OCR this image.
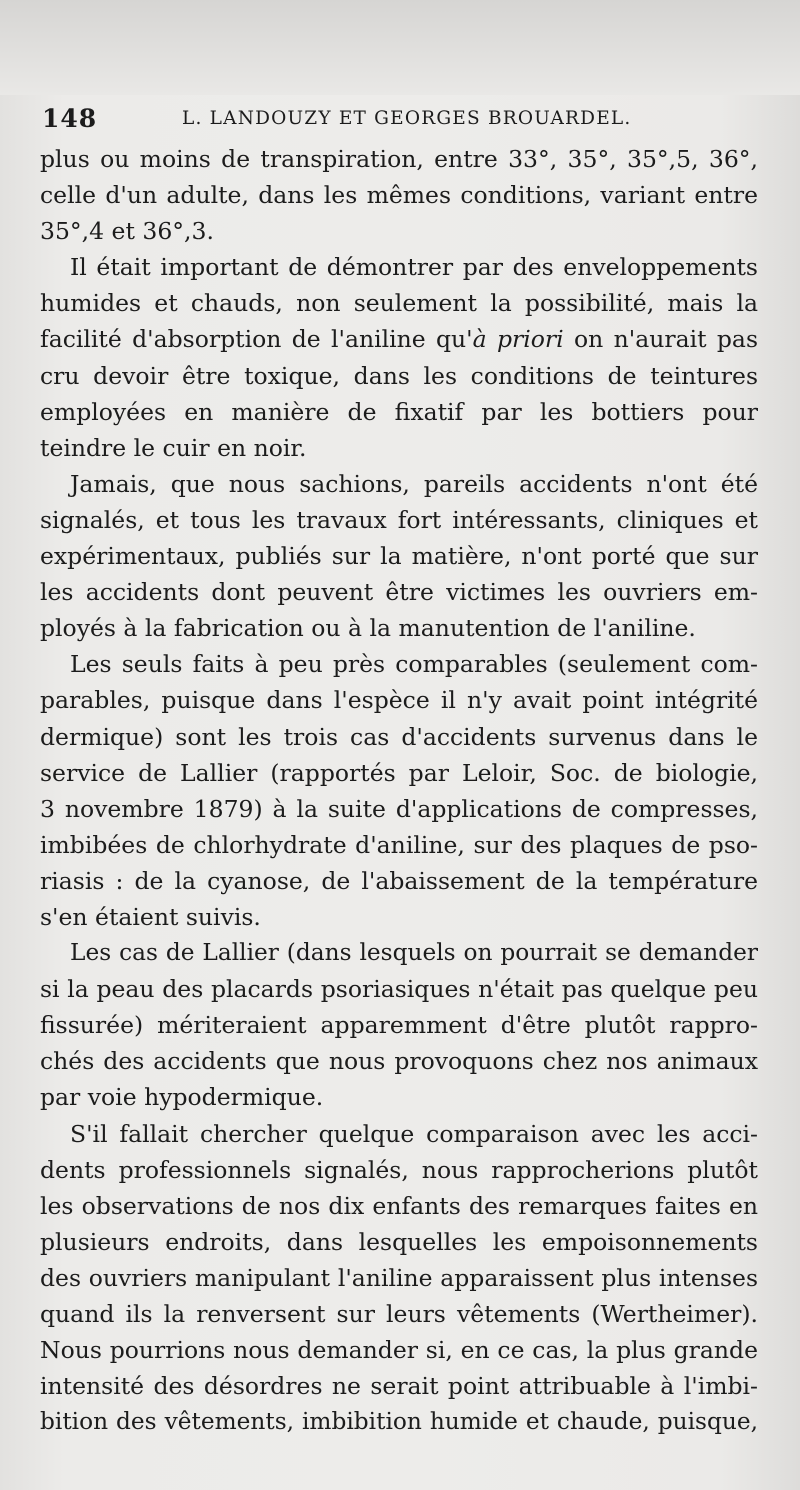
148	L. LANDOUZY ET GEORGES BROUARDEL.
plus ou moins de transpiration, entre 33°, 35°, 35°,5, 36°,
celle d'un adulte, dans les mêmes conditions, variant entre
35°,4 et 36°,3.
Il était important de démontrer par des enveloppements
humides et chauds, non seulement la possibilité, mais la
facilité d'absorption de l'aniline qu'à priori on n'aurait pas
cru devoir être toxique, dans les conditions de teintures
employées en manière de fixatif par les bottiers pour
teindre le cuir en noir.
Jamais, que nous sachions, pareils accidents n'ont été
signalés, et tous les travaux fort intéressants, cliniques et
expérimentaux, publiés sur la matière, n'ont porté que sur
les accidents dont peuvent être victimes les ouvriers em-
ployés à la fabrication ou à la manutention de l'aniline.
Les seuls faits à peu près comparables (seulement com-
parables, puisque dans l'espèce il n'y avait point intégrité
dermique) sont les trois cas d'accidents survenus dans le
service de Lallier (rapportés par Leloir, Soc. de biologie,
3 novembre 1879) à la suite d'applications de compresses,
imbibées de chlorhydrate d'aniline, sur des plaques de pso-
riasis : de la cyanose, de l'abaissement de la température
s'en étaient suivis.
Les cas de Lallier (dans lesquels on pourrait se demander
si la peau des placards psoriasiques n'était pas quelque peu
fissurée) mériteraient apparemment d'être plutôt rappro-
chés des accidents que nous provoquons chez nos animaux
par voie hypodermique.
S'il fallait chercher quelque comparaison avec les acci-
dents professionnels signalés, nous rapprocherions plutôt
les observations de nos dix enfants des remarques faites en
plusieurs endroits, dans lesquelles les empoisonnements
des ouvriers manipulant l'aniline apparaissent plus intenses
quand ils la renversent sur leurs vêtements (Wertheimer).
Nous pourrions nous demander si, en ce cas, la plus grande
intensité des désordres ne serait point attribuable à l'imbi-
bition des vêtements, imbibition humide et chaude, puisque,
